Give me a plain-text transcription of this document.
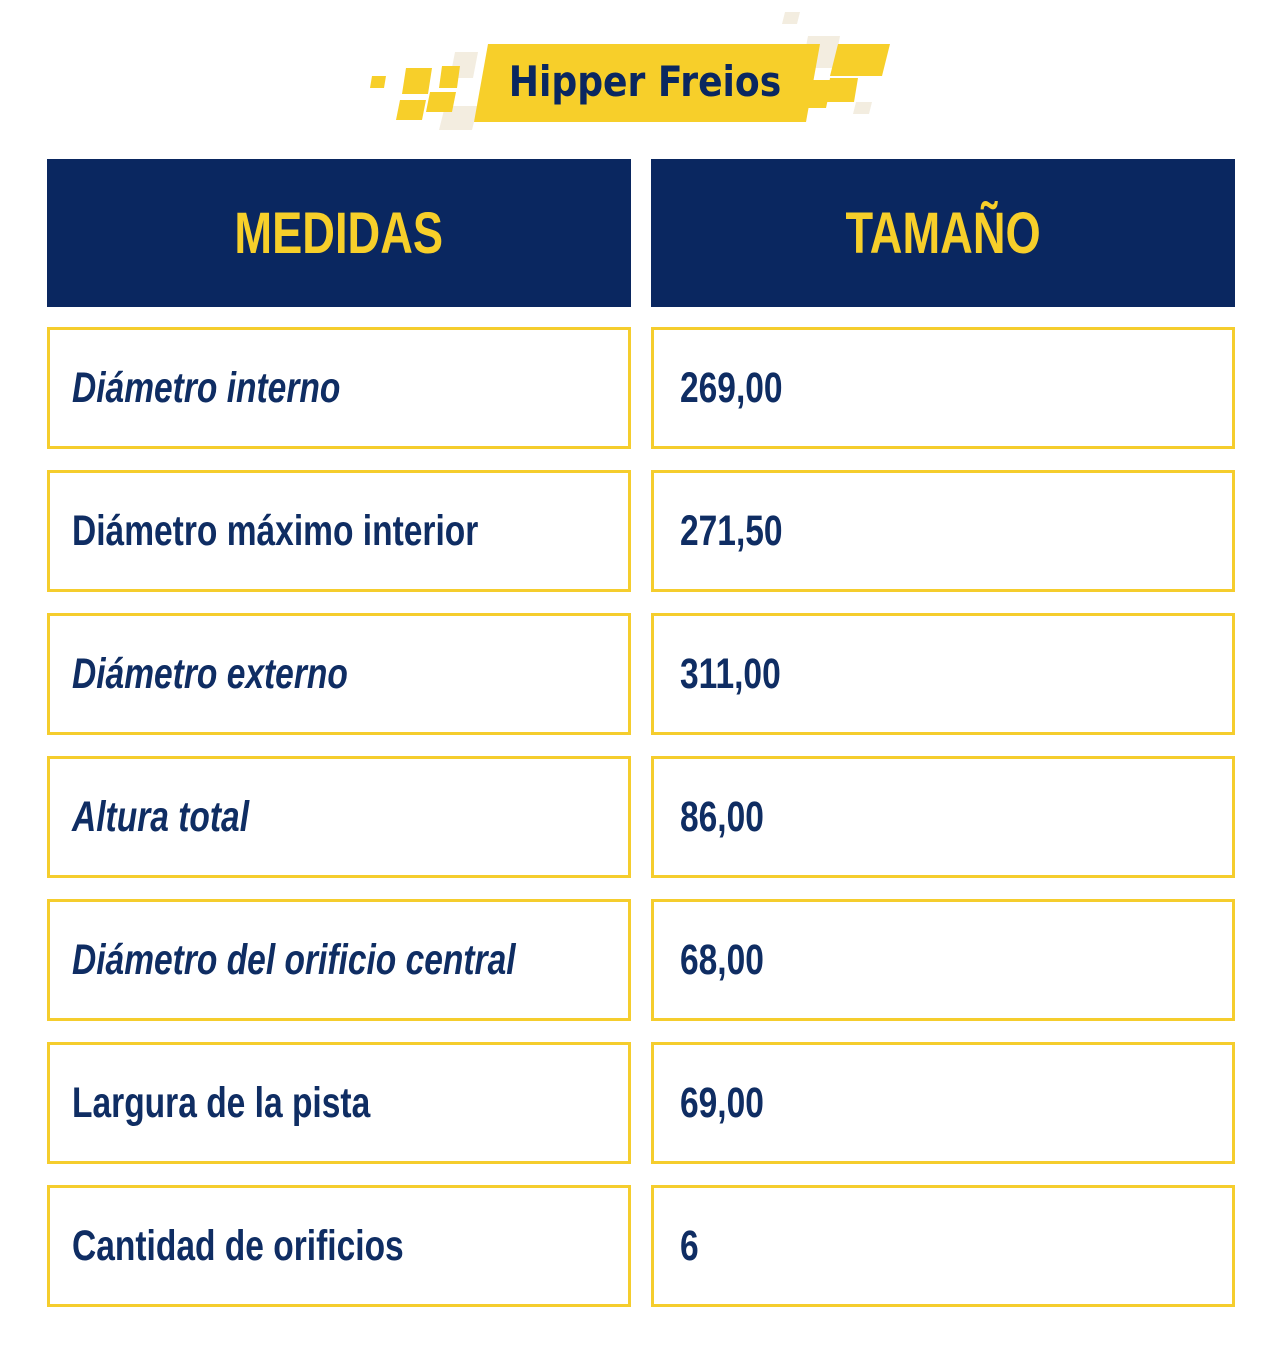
Hipper Freios
MEDIDAS	TAMAÑO
Diámetro interno	269,00
Diámetro máximo interior	271,50
Diámetro externo	311,00
Altura total	86,00
Diámetro del orificio central	68,00
Largura de la pista	69,00
Cantidad de orificios	6
